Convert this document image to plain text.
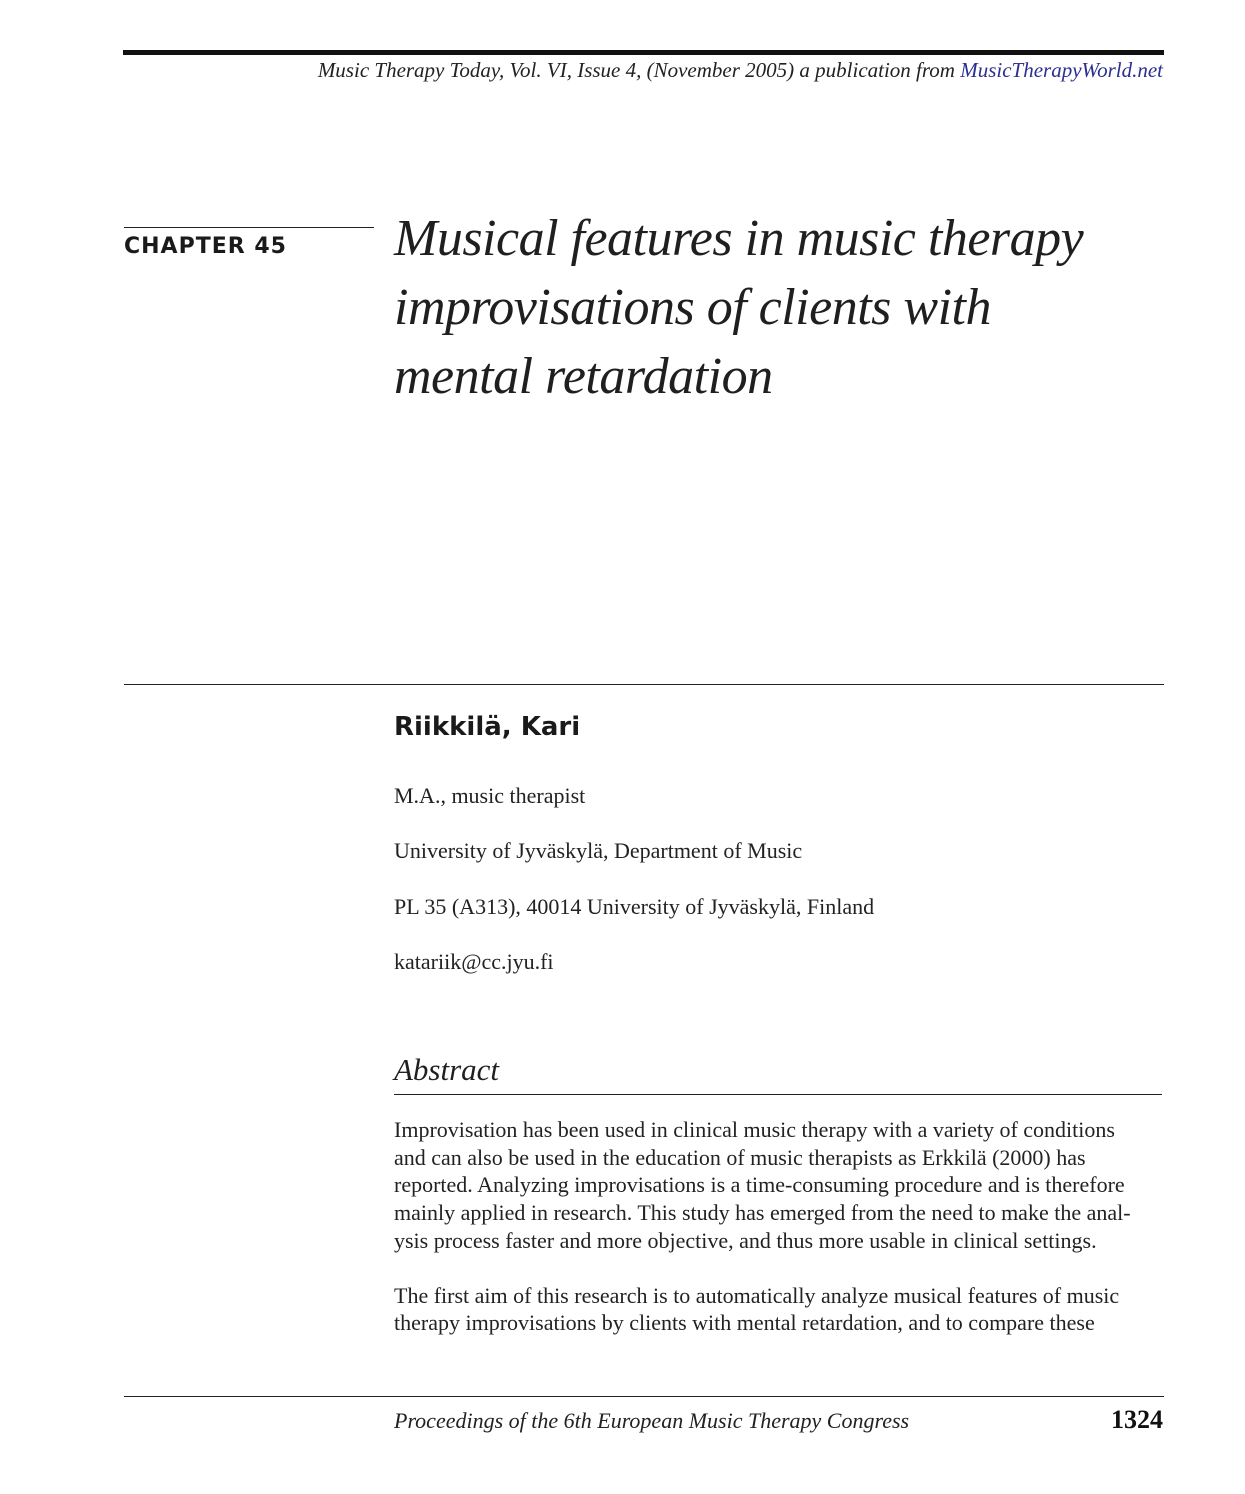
Music Therapy Today, Vol. VI, Issue 4, (November 2005) a publication from MusicTherapyWorld.net
CHAPTER 45 Musical features in music therapy
improvisations of clients with
mental retardation
Riikkilä, Kari
M.A., music therapist
University of Jyväskylä, Department of Music
PL 35 (A313), 40014 University of Jyväskylä, Finland
katariik@cc.jyu.fi
Abstract

Improvisation has been used in clinical music therapy with a variety of conditions
and can also be used in the education of music therapists as Erkkilä (2000) has
reported. Analyzing improvisations is a time-consuming procedure and is therefore
mainly applied in research. This study has emerged from the need to make the anal-
ysis process faster and more objective, and thus more usable in clinical settings.

The first aim of this research is to automatically analyze musical features of music
therapy improvisations by clients with mental retardation, and to compare these

Proceedings of the 6th European Music Therapy Congress	1324
